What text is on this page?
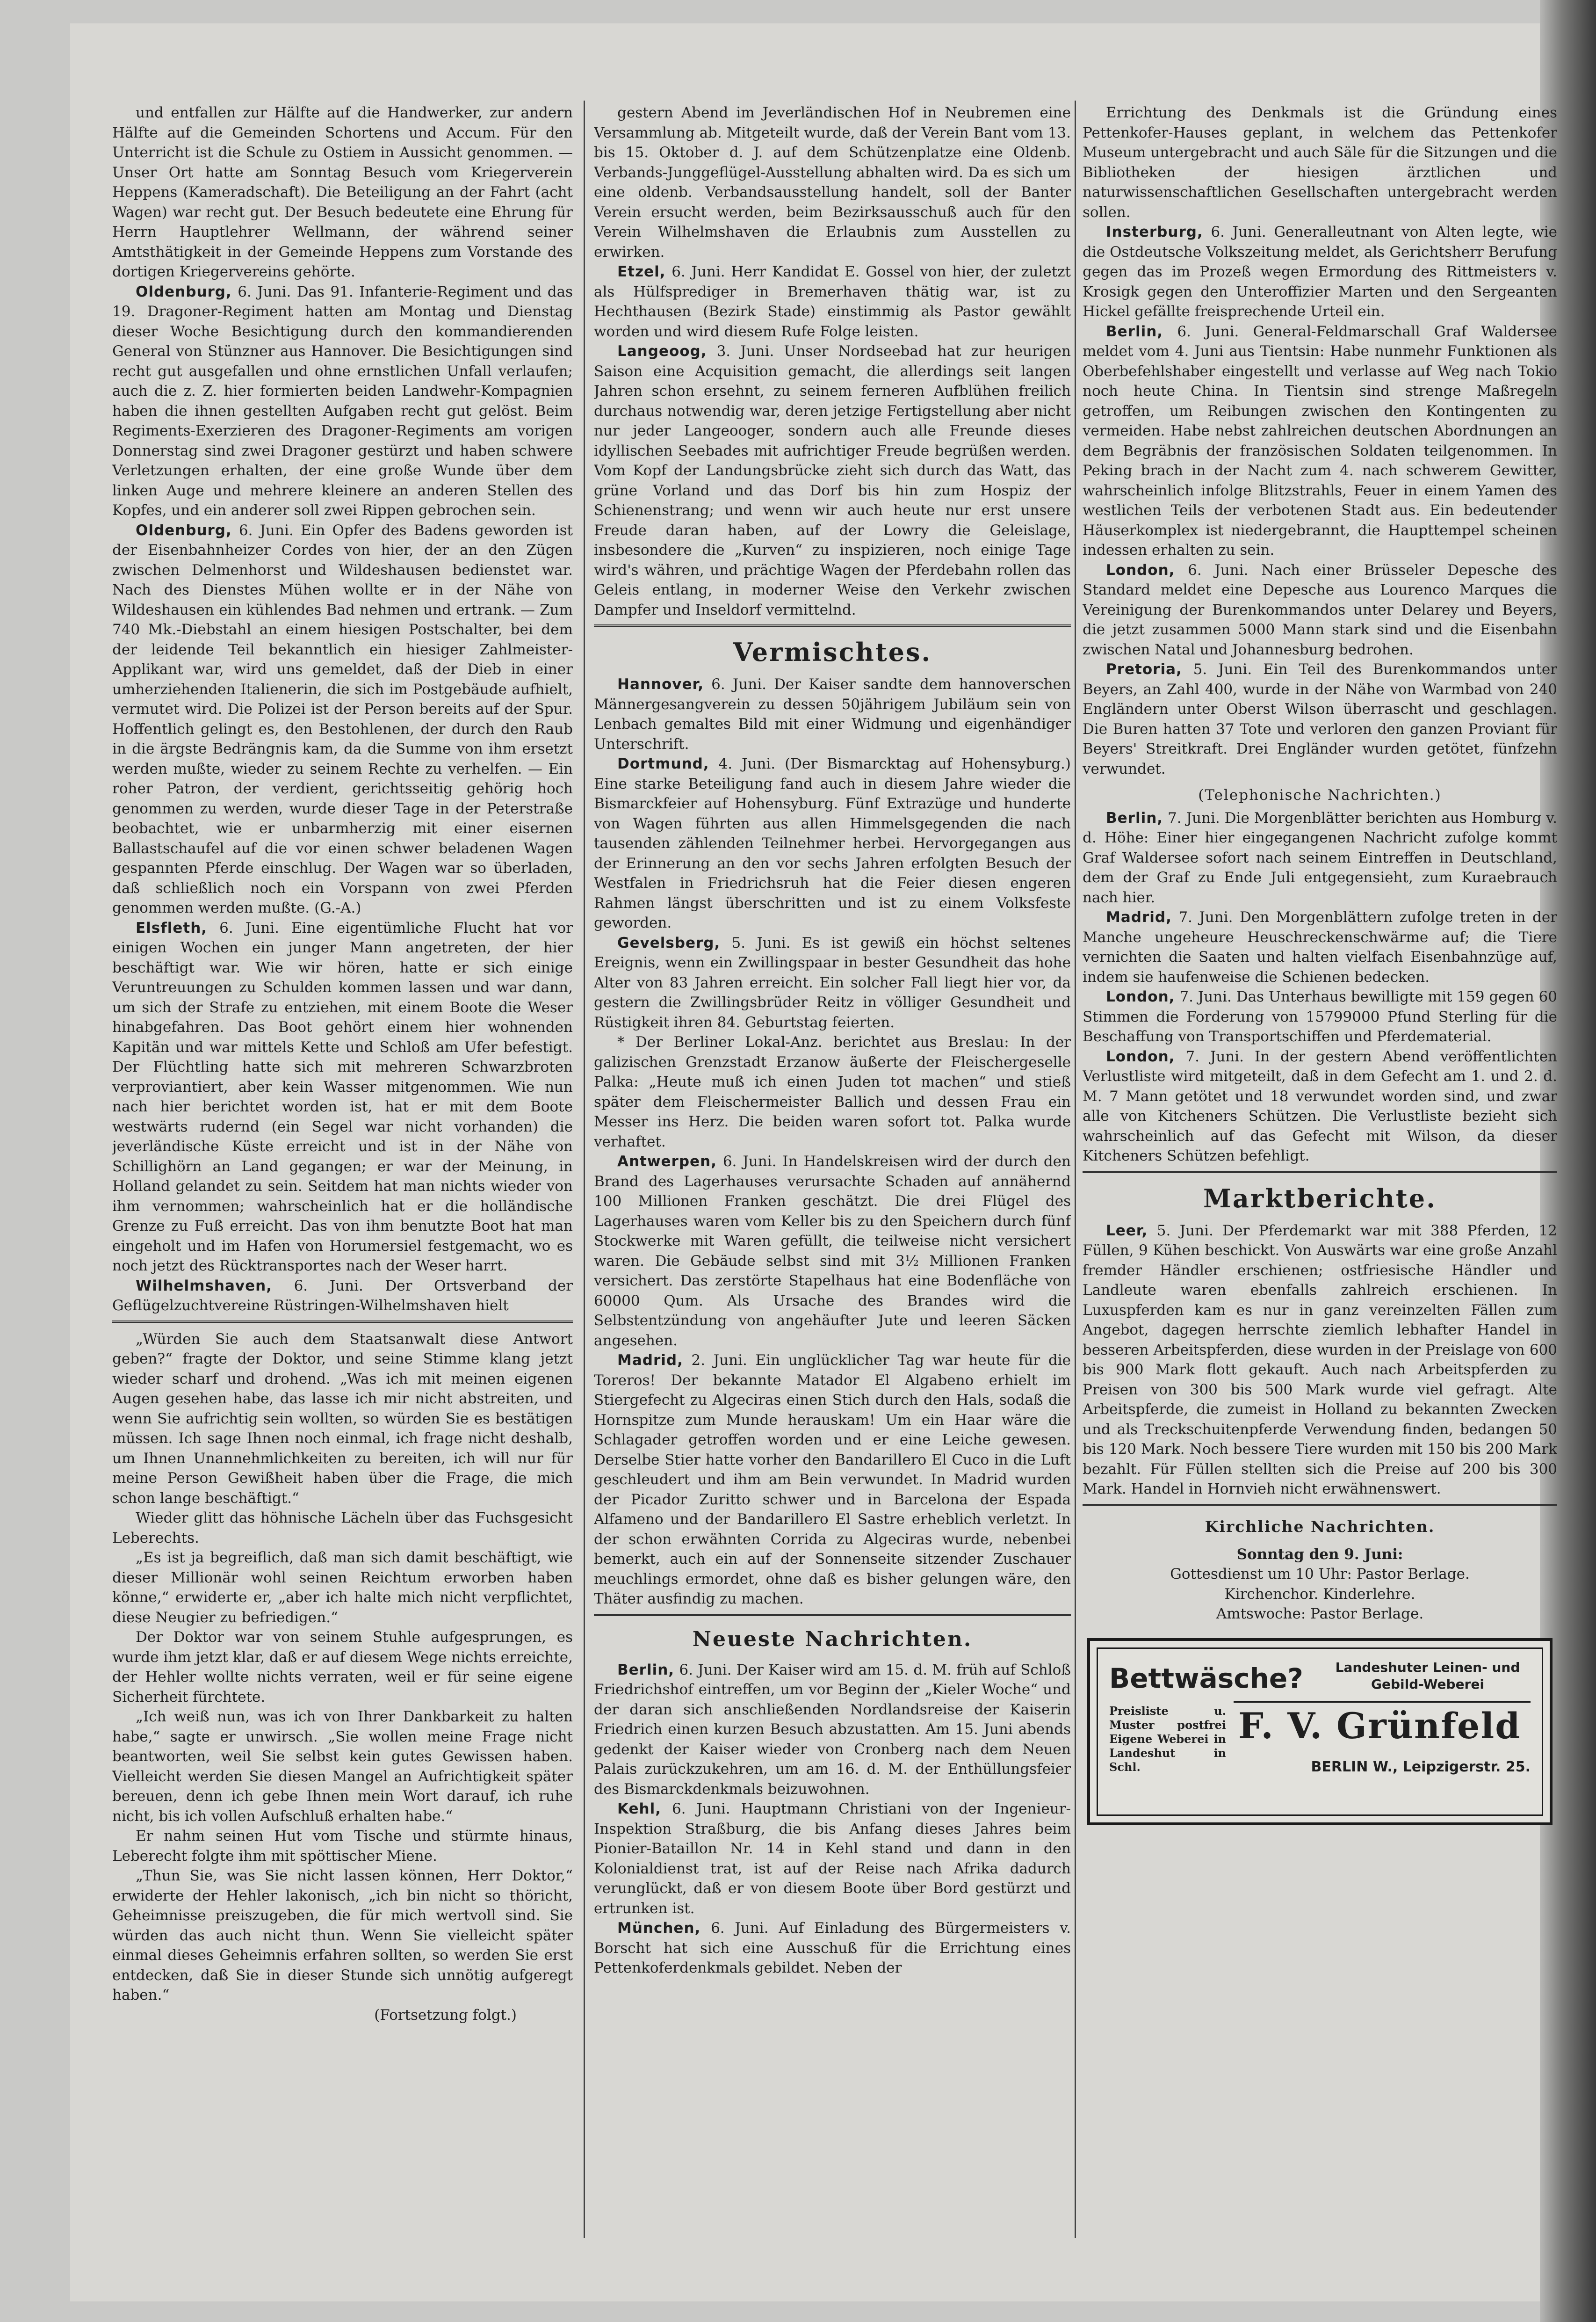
und entfallen zur Hälfte auf die Handwerker, zur andern Hälfte auf die Gemeinden Schortens und Accum. Für den Unterricht ist die Schule zu Ostiem in Aussicht genommen. — Unser Ort hatte am Sonntag Besuch vom Kriegerverein Heppens (Kameradschaft). Die Beteiligung an der Fahrt (acht Wagen) war recht gut. Der Besuch bedeutete eine Ehrung für Herrn Hauptlehrer Wellmann, der während seiner Amtsthätigkeit in der Gemeinde Heppens zum Vorstande des dortigen Kriegervereins gehörte.

Oldenburg, 6. Juni. Das 91. Infanterie-Regiment und das 19. Dragoner-Regiment hatten am Montag und Dienstag dieser Woche Besichtigung durch den kommandierenden General von Stünzner aus Hannover. Die Besichtigungen sind recht gut ausgefallen und ohne ernstlichen Unfall verlaufen; auch die z. Z. hier formierten beiden Landwehr-Kompagnien haben die ihnen gestellten Aufgaben recht gut gelöst. Beim Regiments-Exerzieren des Dragoner-Regiments am vorigen Donnerstag sind zwei Dragoner gestürzt und haben schwere Verletzungen erhalten, der eine große Wunde über dem linken Auge und mehrere kleinere an anderen Stellen des Kopfes, und ein anderer soll zwei Rippen gebrochen sein.

Oldenburg, 6. Juni. Ein Opfer des Badens geworden ist der Eisenbahnheizer Cordes von hier, der an den Zügen zwischen Delmenhorst und Wildeshausen bedienstet war. Nach des Dienstes Mühen wollte er in der Nähe von Wildeshausen ein kühlendes Bad nehmen und ertrank. — Zum 740 Mk.-Diebstahl an einem hiesigen Postschalter, bei dem der leidende Teil bekanntlich ein hiesiger Zahlmeister-Applikant war, wird uns gemeldet, daß der Dieb in einer umherziehenden Italienerin, die sich im Postgebäude aufhielt, vermutet wird. Die Polizei ist der Person bereits auf der Spur. Hoffentlich gelingt es, den Bestohlenen, der durch den Raub in die ärgste Bedrängnis kam, da die Summe von ihm ersetzt werden mußte, wieder zu seinem Rechte zu verhelfen. — Ein roher Patron, der verdient, gerichtsseitig gehörig hoch genommen zu werden, wurde dieser Tage in der Peterstraße beobachtet, wie er unbarmherzig mit einer eisernen Ballastschaufel auf die vor einen schwer beladenen Wagen gespannten Pferde einschlug. Der Wagen war so überladen, daß schließlich noch ein Vorspann von zwei Pferden genommen werden mußte. (G.-A.)

Elsfleth, 6. Juni. Eine eigentümliche Flucht hat vor einigen Wochen ein junger Mann angetreten, der hier beschäftigt war. Wie wir hören, hatte er sich einige Veruntreuungen zu Schulden kommen lassen und war dann, um sich der Strafe zu entziehen, mit einem Boote die Weser hinabgefahren. Das Boot gehört einem hier wohnenden Kapitän und war mittels Kette und Schloß am Ufer befestigt. Der Flüchtling hatte sich mit mehreren Schwarzbroten verproviantiert, aber kein Wasser mitgenommen. Wie nun nach hier berichtet worden ist, hat er mit dem Boote westwärts rudernd (ein Segel war nicht vorhanden) die jeverländische Küste erreicht und ist in der Nähe von Schillighörn an Land gegangen; er war der Meinung, in Holland gelandet zu sein. Seitdem hat man nichts wieder von ihm vernommen; wahrscheinlich hat er die holländische Grenze zu Fuß erreicht. Das von ihm benutzte Boot hat man eingeholt und im Hafen von Horumersiel festgemacht, wo es noch jetzt des Rücktransportes nach der Weser harrt.

Wilhelmshaven, 6. Juni. Der Ortsverband der Geflügelzuchtvereine Rüstringen-Wilhelmshaven hielt

„Würden Sie auch dem Staatsanwalt diese Antwort geben?“ fragte der Doktor, und seine Stimme klang jetzt wieder scharf und drohend. „Was ich mit meinen eigenen Augen gesehen habe, das lasse ich mir nicht abstreiten, und wenn Sie aufrichtig sein wollten, so würden Sie es bestätigen müssen. Ich sage Ihnen noch einmal, ich frage nicht deshalb, um Ihnen Unannehmlichkeiten zu bereiten, ich will nur für meine Person Gewißheit haben über die Frage, die mich schon lange beschäftigt.“

Wieder glitt das höhnische Lächeln über das Fuchsgesicht Leberechts.

„Es ist ja begreiflich, daß man sich damit beschäftigt, wie dieser Millionär wohl seinen Reichtum erworben haben könne,“ erwiderte er, „aber ich halte mich nicht verpflichtet, diese Neugier zu befriedigen.“

Der Doktor war von seinem Stuhle aufgesprungen, es wurde ihm jetzt klar, daß er auf diesem Wege nichts erreichte, der Hehler wollte nichts verraten, weil er für seine eigene Sicherheit fürchtete.

„Ich weiß nun, was ich von Ihrer Dankbarkeit zu halten habe,“ sagte er unwirsch. „Sie wollen meine Frage nicht beantworten, weil Sie selbst kein gutes Gewissen haben. Vielleicht werden Sie diesen Mangel an Aufrichtigkeit später bereuen, denn ich gebe Ihnen mein Wort darauf, ich ruhe nicht, bis ich vollen Aufschluß erhalten habe.“

Er nahm seinen Hut vom Tische und stürmte hinaus, Leberecht folgte ihm mit spöttischer Miene.

„Thun Sie, was Sie nicht lassen können, Herr Doktor,“ erwiderte der Hehler lakonisch, „ich bin nicht so thöricht, Geheimnisse preiszugeben, die für mich wertvoll sind. Sie würden das auch nicht thun. Wenn Sie vielleicht später einmal dieses Geheimnis erfahren sollten, so werden Sie erst entdecken, daß Sie in dieser Stunde sich unnötig aufgeregt haben.“

(Fortsetzung folgt.)

gestern Abend im Jeverländischen Hof in Neubremen eine Versammlung ab. Mitgeteilt wurde, daß der Verein Bant vom 13. bis 15. Oktober d. J. auf dem Schützenplatze eine Oldenb. Verbands-Junggeflügel-Ausstellung abhalten wird. Da es sich um eine oldenb. Verbandsausstellung handelt, soll der Banter Verein ersucht werden, beim Bezirksausschuß auch für den Verein Wilhelmshaven die Erlaubnis zum Ausstellen zu erwirken.

Etzel, 6. Juni. Herr Kandidat E. Gossel von hier, der zuletzt als Hülfsprediger in Bremerhaven thätig war, ist zu Hechthausen (Bezirk Stade) einstimmig als Pastor gewählt worden und wird diesem Rufe Folge leisten.

Langeoog, 3. Juni. Unser Nordseebad hat zur heurigen Saison eine Acquisition gemacht, die allerdings seit langen Jahren schon ersehnt, zu seinem ferneren Aufblühen freilich durchaus notwendig war, deren jetzige Fertigstellung aber nicht nur jeder Langeooger, sondern auch alle Freunde dieses idyllischen Seebades mit aufrichtiger Freude begrüßen werden. Vom Kopf der Landungsbrücke zieht sich durch das Watt, das grüne Vorland und das Dorf bis hin zum Hospiz der Schienenstrang; und wenn wir auch heute nur erst unsere Freude daran haben, auf der Lowry die Geleislage, insbesondere die „Kurven“ zu inspizieren, noch einige Tage wird's währen, und prächtige Wagen der Pferdebahn rollen das Geleis entlang, in moderner Weise den Verkehr zwischen Dampfer und Inseldorf vermittelnd.

Vermischtes.

Hannover, 6. Juni. Der Kaiser sandte dem hannoverschen Männergesangverein zu dessen 50jährigem Jubiläum sein von Lenbach gemaltes Bild mit einer Widmung und eigenhändiger Unterschrift.

Dortmund, 4. Juni. (Der Bismarcktag auf Hohensyburg.) Eine starke Beteiligung fand auch in diesem Jahre wieder die Bismarckfeier auf Hohensyburg. Fünf Extrazüge und hunderte von Wagen führten aus allen Himmelsgegenden die nach tausenden zählenden Teilnehmer herbei. Hervorgegangen aus der Erinnerung an den vor sechs Jahren erfolgten Besuch der Westfalen in Friedrichsruh hat die Feier diesen engeren Rahmen längst überschritten und ist zu einem Volksfeste geworden.

Gevelsberg, 5. Juni. Es ist gewiß ein höchst seltenes Ereignis, wenn ein Zwillingspaar in bester Gesundheit das hohe Alter von 83 Jahren erreicht. Ein solcher Fall liegt hier vor, da gestern die Zwillingsbrüder Reitz in völliger Gesundheit und Rüstigkeit ihren 84. Geburtstag feierten.

* Der Berliner Lokal-Anz. berichtet aus Breslau: In der galizischen Grenzstadt Erzanow äußerte der Fleischergeselle Palka: „Heute muß ich einen Juden tot machen“ und stieß später dem Fleischermeister Ballich und dessen Frau ein Messer ins Herz. Die beiden waren sofort tot. Palka wurde verhaftet.

Antwerpen, 6. Juni. In Handelskreisen wird der durch den Brand des Lagerhauses verursachte Schaden auf annähernd 100 Millionen Franken geschätzt. Die drei Flügel des Lagerhauses waren vom Keller bis zu den Speichern durch fünf Stockwerke mit Waren gefüllt, die teilweise nicht versichert waren. Die Gebäude selbst sind mit 3½ Millionen Franken versichert. Das zerstörte Stapelhaus hat eine Bodenfläche von 60000 Qum. Als Ursache des Brandes wird die Selbstentzündung von angehäufter Jute und leeren Säcken angesehen.

Madrid, 2. Juni. Ein unglücklicher Tag war heute für die Toreros! Der bekannte Matador El Algabeno erhielt im Stiergefecht zu Algeciras einen Stich durch den Hals, sodaß die Hornspitze zum Munde herauskam! Um ein Haar wäre die Schlagader getroffen worden und er eine Leiche gewesen. Derselbe Stier hatte vorher den Bandarillero El Cuco in die Luft geschleudert und ihm am Bein verwundet. In Madrid wurden der Picador Zuritto schwer und in Barcelona der Espada Alfameno und der Bandarillero El Sastre erheblich verletzt. In der schon erwähnten Corrida zu Algeciras wurde, nebenbei bemerkt, auch ein auf der Sonnenseite sitzender Zuschauer meuchlings ermordet, ohne daß es bisher gelungen wäre, den Thäter ausfindig zu machen.

Neueste Nachrichten.

Berlin, 6. Juni. Der Kaiser wird am 15. d. M. früh auf Schloß Friedrichshof eintreffen, um vor Beginn der „Kieler Woche“ und der daran sich anschließenden Nordlandsreise der Kaiserin Friedrich einen kurzen Besuch abzustatten. Am 15. Juni abends gedenkt der Kaiser wieder von Cronberg nach dem Neuen Palais zurückzukehren, um am 16. d. M. der Enthüllungsfeier des Bismarckdenkmals beizuwohnen.

Kehl, 6. Juni. Hauptmann Christiani von der Ingenieur-Inspektion Straßburg, die bis Anfang dieses Jahres beim Pionier-Bataillon Nr. 14 in Kehl stand und dann in den Kolonialdienst trat, ist auf der Reise nach Afrika dadurch verunglückt, daß er von diesem Boote über Bord gestürzt und ertrunken ist.

München, 6. Juni. Auf Einladung des Bürgermeisters v. Borscht hat sich eine Ausschuß für die Errichtung eines Pettenkoferdenkmals gebildet. Neben der

Errichtung des Denkmals ist die Gründung eines Pettenkofer-Hauses geplant, in welchem das Pettenkofer Museum untergebracht und auch Säle für die Sitzungen und die Bibliotheken der hiesigen ärztlichen und naturwissenschaftlichen Gesellschaften untergebracht werden sollen.

Insterburg, 6. Juni. Generalleutnant von Alten legte, wie die Ostdeutsche Volkszeitung meldet, als Gerichtsherr Berufung gegen das im Prozeß wegen Ermordung des Rittmeisters v. Krosigk gegen den Unteroffizier Marten und den Sergeanten Hickel gefällte freisprechende Urteil ein.

Berlin, 6. Juni. General-Feldmarschall Graf Waldersee meldet vom 4. Juni aus Tientsin: Habe nunmehr Funktionen als Oberbefehlshaber eingestellt und verlasse auf Weg nach Tokio noch heute China. In Tientsin sind strenge Maßregeln getroffen, um Reibungen zwischen den Kontingenten zu vermeiden. Habe nebst zahlreichen deutschen Abordnungen an dem Begräbnis der französischen Soldaten teilgenommen. In Peking brach in der Nacht zum 4. nach schwerem Gewitter, wahrscheinlich infolge Blitzstrahls, Feuer in einem Yamen des westlichen Teils der verbotenen Stadt aus. Ein bedeutender Häuserkomplex ist niedergebrannt, die Haupttempel scheinen indessen erhalten zu sein.

London, 6. Juni. Nach einer Brüsseler Depesche des Standard meldet eine Depesche aus Lourenco Marques die Vereinigung der Burenkommandos unter Delarey und Beyers, die jetzt zusammen 5000 Mann stark sind und die Eisenbahn zwischen Natal und Johannesburg bedrohen.

Pretoria, 5. Juni. Ein Teil des Burenkommandos unter Beyers, an Zahl 400, wurde in der Nähe von Warmbad von 240 Engländern unter Oberst Wilson überrascht und geschlagen. Die Buren hatten 37 Tote und verloren den ganzen Proviant für Beyers' Streitkraft. Drei Engländer wurden getötet, fünfzehn verwundet.

(Telephonische Nachrichten.)

Berlin, 7. Juni. Die Morgenblätter berichten aus Homburg v. d. Höhe: Einer hier eingegangenen Nachricht zufolge kommt Graf Waldersee sofort nach seinem Eintreffen in Deutschland, dem der Graf zu Ende Juli entgegensieht, zum Kuraebrauch nach hier.

Madrid, 7. Juni. Den Morgenblättern zufolge treten in der Manche ungeheure Heuschreckenschwärme auf; die Tiere vernichten die Saaten und halten vielfach Eisenbahnzüge auf, indem sie haufenweise die Schienen bedecken.

London, 7. Juni. Das Unterhaus bewilligte mit 159 gegen 60 Stimmen die Forderung von 15799000 Pfund Sterling für die Beschaffung von Transportschiffen und Pferdematerial.

London, 7. Juni. In der gestern Abend veröffentlichten Verlustliste wird mitgeteilt, daß in dem Gefecht am 1. und 2. d. M. 7 Mann getötet und 18 verwundet worden sind, und zwar alle von Kitcheners Schützen. Die Verlustliste bezieht sich wahrscheinlich auf das Gefecht mit Wilson, da dieser Kitcheners Schützen befehligt.

Marktberichte.

Leer, 5. Juni. Der Pferdemarkt war mit 388 Pferden, 12 Füllen, 9 Kühen beschickt. Von Auswärts war eine große Anzahl fremder Händler erschienen; ostfriesische Händler und Landleute waren ebenfalls zahlreich erschienen. In Luxuspferden kam es nur in ganz vereinzelten Fällen zum Angebot, dagegen herrschte ziemlich lebhafter Handel in besseren Arbeitspferden, diese wurden in der Preislage von 600 bis 900 Mark flott gekauft. Auch nach Arbeitspferden zu Preisen von 300 bis 500 Mark wurde viel gefragt. Alte Arbeitspferde, die zumeist in Holland zu bekannten Zwecken und als Treckschuitenpferde Verwendung finden, bedangen 50 bis 120 Mark. Noch bessere Tiere wurden mit 150 bis 200 Mark bezahlt. Für Füllen stellten sich die Preise auf 200 bis 300 Mark. Handel in Hornvieh nicht erwähnenswert.

Kirchliche Nachrichten.

Sonntag den 9. Juni:

Gottesdienst um 10 Uhr: Pastor Berlage.

Kirchenchor. Kinderlehre.

Amtswoche: Pastor Berlage.

Bettwäsche?	Landeshuter Leinen- und Gebild-Weberei
Preisliste u. Muster postfrei Eigene Weberei in Landeshut in Schl.
F. V. Grünfeld
BERLIN W., Leipzigerstr. 25.
